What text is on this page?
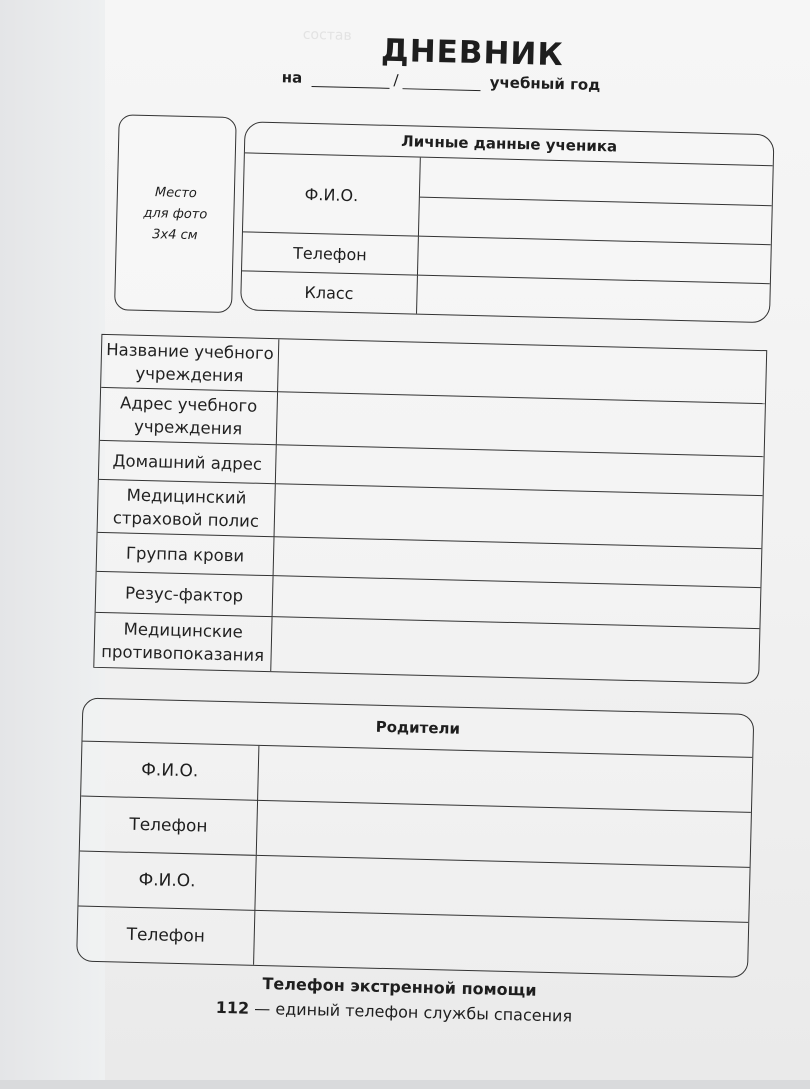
состав ДНЕВНИК
на	/	учебный год
Место
для фото
3х4 см
Личные данные ученика	
Ф.И.О.	

Телефон	
Класс	
Название учебного учреждения	
Адрес учебного учреждения	
Домашний адрес	
Медицинский страховой полис	
Группа крови	
Резус-фактор	
Медицинские противопоказания	
Родители	
Ф.И.О.	
Телефон	
Ф.И.О.	
Телефон	
Телефон экстренной помощи
112 — единый телефон службы спасения
